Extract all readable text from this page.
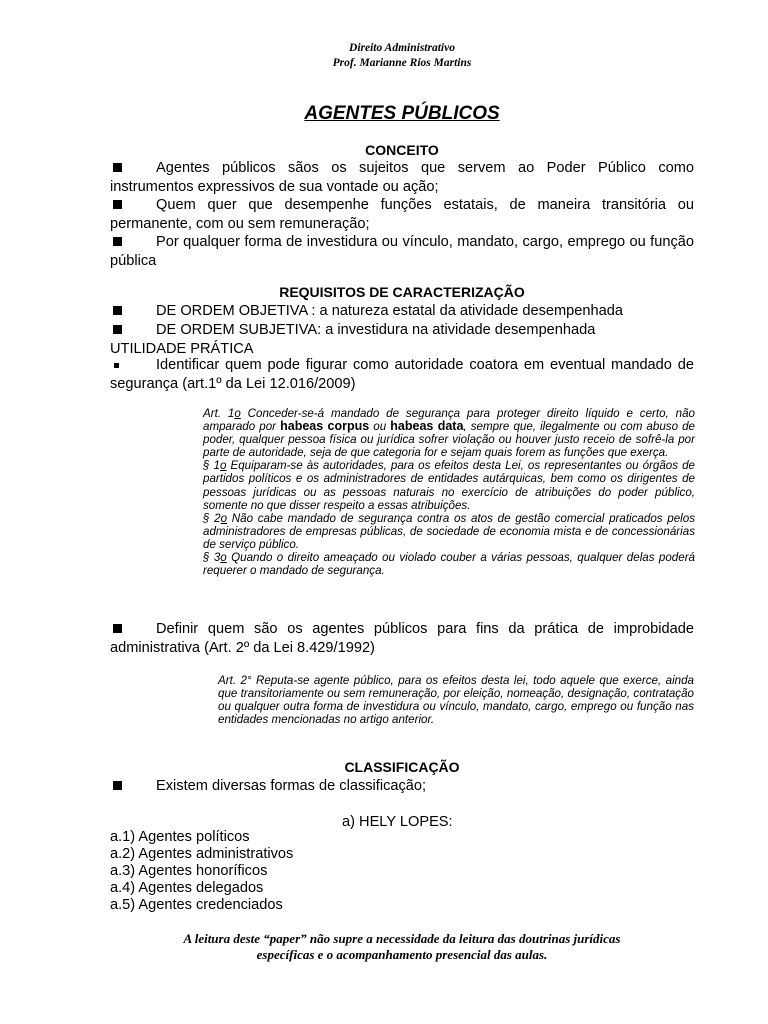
Direito Administrativo
Prof. Marianne Rios Martins
AGENTES PÚBLICOS
CONCEITO
Agentes públicos sãos os sujeitos que servem ao Poder Público como instrumentos expressivos de sua vontade ou ação;
Quem quer que desempenhe funções estatais, de maneira transitória ou permanente, com ou sem remuneração;
Por qualquer forma de investidura ou vínculo, mandato, cargo, emprego ou função pública
REQUISITOS DE CARACTERIZAÇÃO
DE ORDEM OBJETIVA : a natureza estatal da atividade desempenhada
DE ORDEM SUBJETIVA: a investidura na atividade desempenhada
UTILIDADE PRÁTICA
Identificar quem pode figurar como autoridade coatora em eventual mandado de segurança (art.1º da Lei 12.016/2009)
Art. 1o Conceder-se-á mandado de segurança para proteger direito líquido e certo, não amparado por habeas corpus ou habeas data, sempre que, ilegalmente ou com abuso de poder, qualquer pessoa física ou jurídica sofrer violação ou houver justo receio de sofrê-la por parte de autoridade, seja de que categoria for e sejam quais forem as funções que exerça.
§ 1o Equiparam-se às autoridades, para os efeitos desta Lei, os representantes ou órgãos de partidos políticos e os administradores de entidades autárquicas, bem como os dirigentes de pessoas jurídicas ou as pessoas naturais no exercício de atribuições do poder público, somente no que disser respeito a essas atribuições.
§ 2o Não cabe mandado de segurança contra os atos de gestão comercial praticados pelos administradores de empresas públicas, de sociedade de economia mista e de concessionárias de serviço público.
§ 3o Quando o direito ameaçado ou violado couber a várias pessoas, qualquer delas poderá requerer o mandado de segurança.
Definir quem são os agentes públicos para fins da prática de improbidade administrativa (Art. 2º da Lei 8.429/1992)
Art. 2° Reputa-se agente público, para os efeitos desta lei, todo aquele que exerce, ainda que transitoriamente ou sem remuneração, por eleição, nomeação, designação, contratação ou qualquer outra forma de investidura ou vínculo, mandato, cargo, emprego ou função nas entidades mencionadas no artigo anterior.
CLASSIFICAÇÃO
Existem diversas formas de classificação;
a) HELY LOPES:
a.1) Agentes políticos
a.2) Agentes administrativos
a.3) Agentes honoríficos
a.4) Agentes delegados
a.5) Agentes credenciados
A leitura deste “paper” não supre a necessidade da leitura das doutrinas jurídicas
específicas e o acompanhamento presencial das aulas.
